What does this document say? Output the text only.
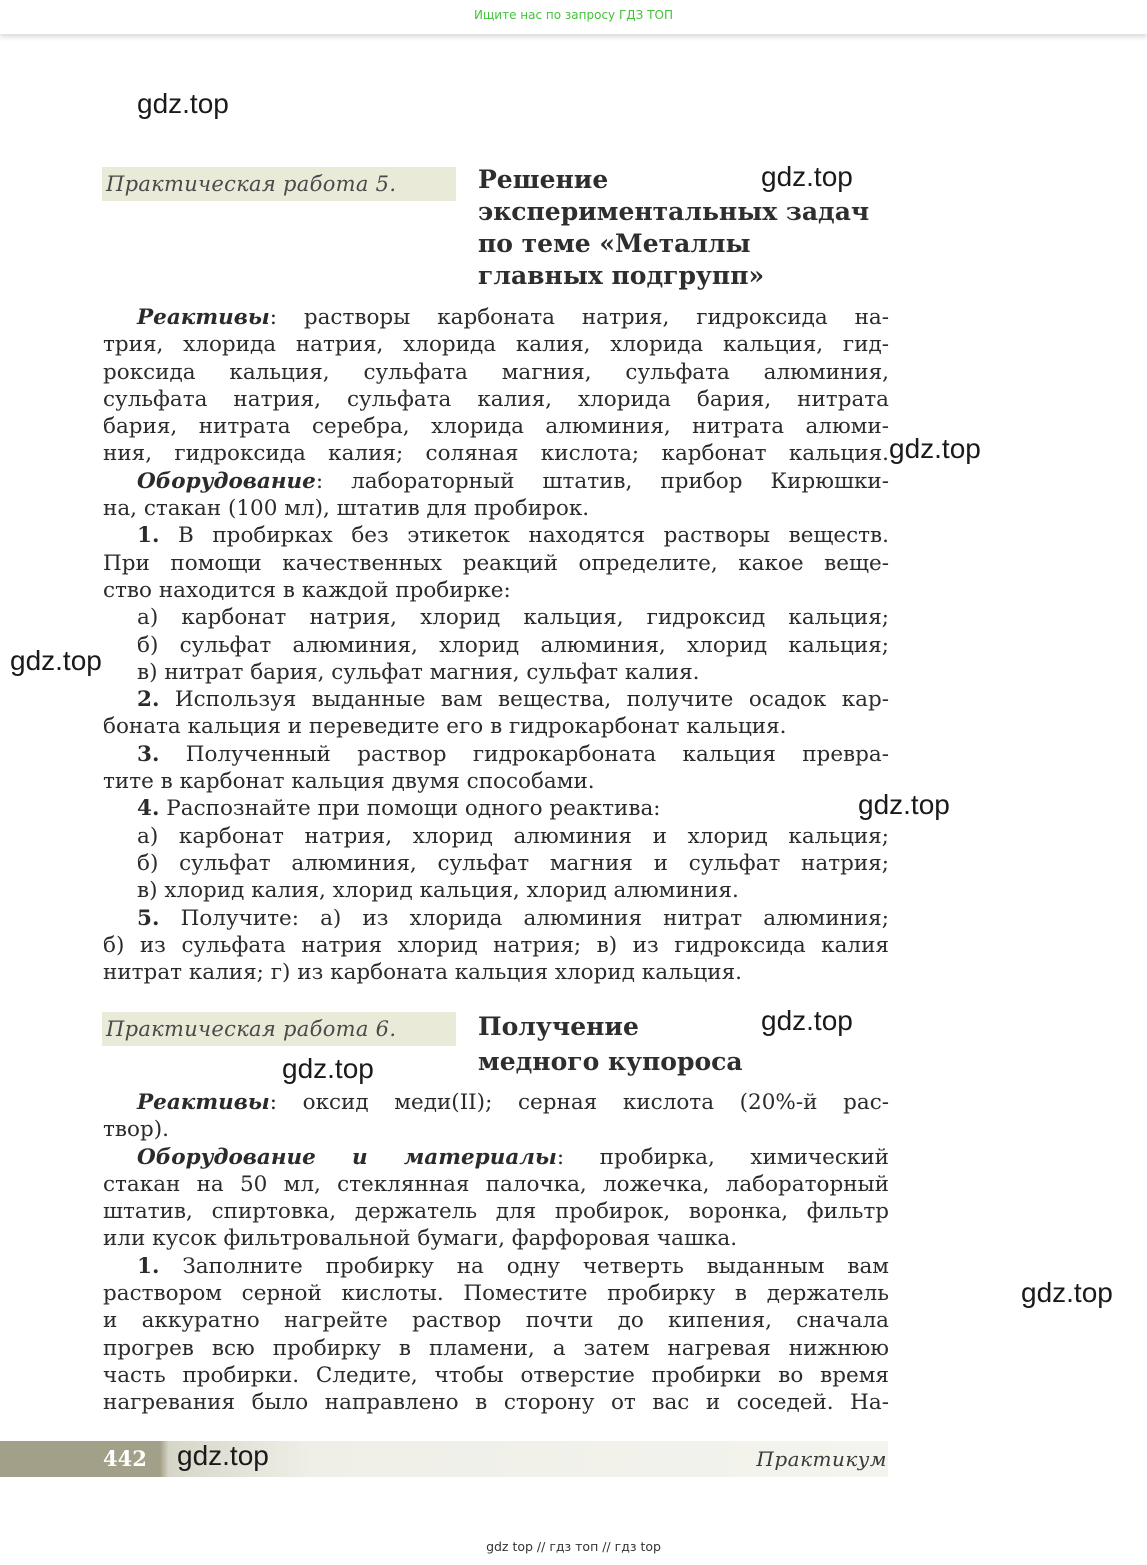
Ищите нас по запросу ГДЗ ТОП
gdz.top
gdz.top
gdz.top
gdz.top
gdz.top
gdz.top
gdz.top
gdz.top
gdz.top
Практическая работа 5.	Решение
экспериментальных задач
по теме «Металлы
главных подгрупп»

Реактивы: растворы карбоната натрия, гидроксида на-

трия, хлорида натрия, хлорида калия, хлорида кальция, гид-

роксида кальция, сульфата магния, сульфата алюминия,

сульфата натрия, сульфата калия, хлорида бария, нитрата

бария, нитрата серебра, хлорида алюминия, нитрата алюми-

ния, гидроксида калия; соляная кислота; карбонат кальция.

Оборудование: лабораторный штатив, прибор Кирюшки-

на, стакан (100 мл), штатив для пробирок.

1. В пробирках без этикеток находятся растворы веществ.

При помощи качественных реакций определите, какое веще-

ство находится в каждой пробирке:

а) карбонат натрия, хлорид кальция, гидроксид кальция;

б) сульфат алюминия, хлорид алюминия, хлорид кальция;

в) нитрат бария, сульфат магния, сульфат калия.

2. Используя выданные вам вещества, получите осадок кар-

боната кальция и переведите его в гидрокарбонат кальция.

3. Полученный раствор гидрокарбоната кальция превра-

тите в карбонат кальция двумя способами.

4. Распознайте при помощи одного реактива:

а) карбонат натрия, хлорид алюминия и хлорид кальция;

б) сульфат алюминия, сульфат магния и сульфат натрия;

в) хлорид калия, хлорид кальция, хлорид алюминия.

5. Получите: а) из хлорида алюминия нитрат алюминия;

б) из сульфата натрия хлорид натрия; в) из гидроксида калия

нитрат калия; г) из карбоната кальция хлорид кальция.

Практическая работа 6.	Получение
медного купороса

Реактивы: оксид меди(II); серная кислота (20%-й рас-

твор).

Оборудование и материалы: пробирка, химический

стакан на 50 мл, стеклянная палочка, ложечка, лабораторный

штатив, спиртовка, держатель для пробирок, воронка, фильтр

или кусок фильтровальной бумаги, фарфоровая чашка.

1. Заполните пробирку на одну четверть выданным вам

раствором серной кислоты. Поместите пробирку в держатель

и аккуратно нагрейте раствор почти до кипения, сначала

прогрев всю пробирку в пламени, а затем нагревая нижнюю

часть пробирки. Следите, чтобы отверстие пробирки во время

нагревания было направлено в сторону от вас и соседей. На-

442	Практикум
gdz top // гдз топ // гдз top
